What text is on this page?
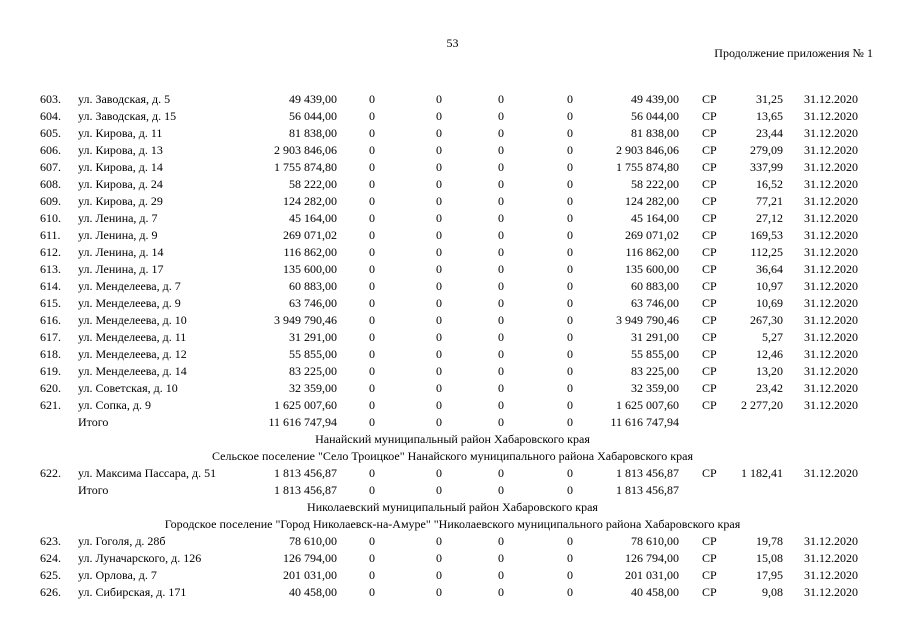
53
Продолжение приложения № 1
603.	ул. Заводская, д. 5	49 439,00	0	0	0	0	49 439,00 СР	31,25 31.12.2020
604.	ул. Заводская, д. 15	56 044,00	0	0	0	0	56 044,00 СР	13,65 31.12.2020
605.	ул. Кирова, д. 11	81 838,00	0	0	0	0	81 838,00 СР	23,44 31.12.2020
606.	ул. Кирова, д. 13	2 903 846,06	0	0	0	0	2 903 846,06 СР	279,09 31.12.2020
607.	ул. Кирова, д. 14	1 755 874,80	0	0	0	0	1 755 874,80 СР	337,99 31.12.2020
608.	ул. Кирова, д. 24	58 222,00	0	0	0	0	58 222,00 СР	16,52 31.12.2020
609.	ул. Кирова, д. 29	124 282,00	0	0	0	0	124 282,00 СР	77,21 31.12.2020
610.	ул. Ленина, д. 7	45 164,00	0	0	0	0	45 164,00 СР	27,12 31.12.2020
611.	ул. Ленина, д. 9	269 071,02	0	0	0	0	269 071,02 СР	169,53 31.12.2020
612.	ул. Ленина, д. 14	116 862,00	0	0	0	0	116 862,00 СР	112,25 31.12.2020
613.	ул. Ленина, д. 17	135 600,00	0	0	0	0	135 600,00 СР	36,64 31.12.2020
614.	ул. Менделеева, д. 7	60 883,00	0	0	0	0	60 883,00 СР	10,97 31.12.2020
615.	ул. Менделеева, д. 9	63 746,00	0	0	0	0	63 746,00 СР	10,69 31.12.2020
616.	ул. Менделеева, д. 10	3 949 790,46	0	0	0	0	3 949 790,46 СР	267,30 31.12.2020
617.	ул. Менделеева, д. 11	31 291,00	0	0	0	0	31 291,00 СР	5,27 31.12.2020
618.	ул. Менделеева, д. 12	55 855,00	0	0	0	0	55 855,00 СР	12,46 31.12.2020
619.	ул. Менделеева, д. 14	83 225,00	0	0	0	0	83 225,00 СР	13,20 31.12.2020
620.	ул. Советская, д. 10	32 359,00	0	0	0	0	32 359,00 СР	23,42 31.12.2020
621.	ул. Сопка, д. 9	1 625 007,60	0	0	0	0	1 625 007,60 СР 2 277,20 31.12.2020
Итого	11 616 747,94	0	0	0	0	11 616 747,94
Нанайский муниципальный район Хабаровского края
Сельское поселение "Село Троицкое" Нанайского муниципального района Хабаровского края
622.	ул. Максима Пассара, д. 51	1 813 456,87	0	0	0	0	1 813 456,87 СР 1 182,41 31.12.2020
Итого	1 813 456,87	0	0	0	0	1 813 456,87
Николаевский муниципальный район Хабаровского края
Городское поселение "Город Николаевск-на-Амуре" "Николаевского муниципального района Хабаровского края
623.	ул. Гоголя, д. 28б	78 610,00	0	0	0	0	78 610,00 СР	19,78 31.12.2020
624.	ул. Луначарского, д. 126	126 794,00	0	0	0	0	126 794,00 СР	15,08 31.12.2020
625.	ул. Орлова, д. 7	201 031,00	0	0	0	0	201 031,00 СР	17,95 31.12.2020
626.	ул. Сибирская, д. 171	40 458,00	0	0	0	0	40 458,00 СР	9,08 31.12.2020
